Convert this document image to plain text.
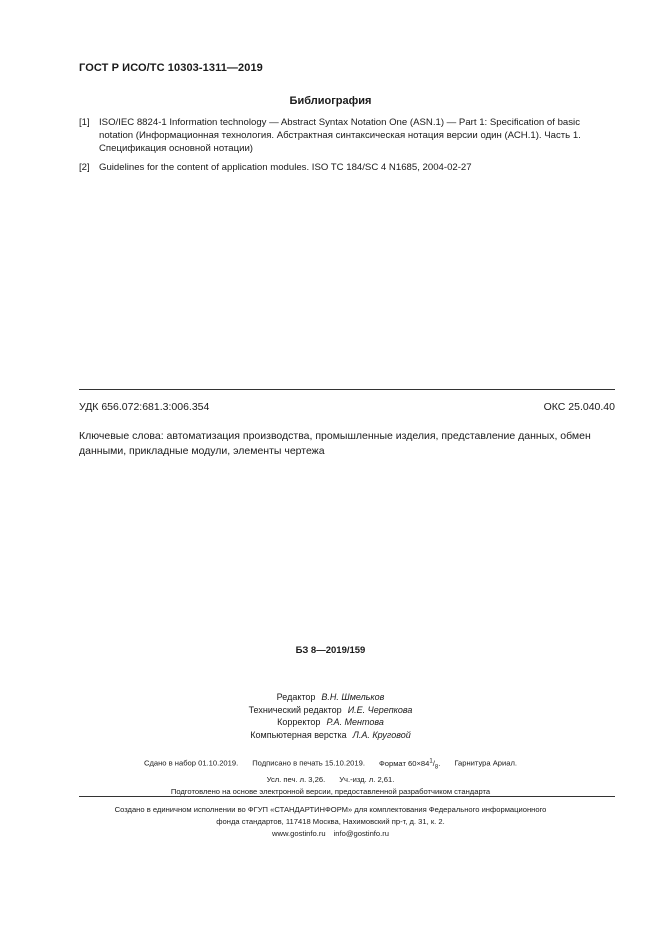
ГОСТ Р ИСО/ТС 10303-1311—2019
Библиография
[1] ISO/IEC 8824-1 Information technology — Abstract Syntax Notation One (ASN.1) — Part 1: Specification of basic notation (Информационная технология. Абстрактная синтаксическая нотация версии один (АСН.1). Часть 1. Спецификация основной нотации)
[2] Guidelines for the content of application modules. ISO TC 184/SC 4 N1685, 2004-02-27
УДК 656.072:681.3:006.354	ОКС 25.040.40
Ключевые слова: автоматизация производства, промышленные изделия, представление данных, обмен данными, прикладные модули, элементы чертежа
БЗ 8—2019/159
Редактор В.Н. Шмельков
Технический редактор И.Е. Черепкова
Корректор Р.А. Ментова
Компьютерная верстка Л.А. Круговой
Сдано в набор 01.10.2019. Подписано в печать 15.10.2019. Формат $60\times 84^1/_8$. Гарнитура Ариал.
Усл. печ. л. 3,26. Уч.-изд. л. 2,61.
Подготовлено на основе электронной версии, предоставленной разработчиком стандарта
Создано в единичном исполнении во ФГУП «СТАНДАРТИНФОРМ» для комплектования Федерального информационного
фонда стандартов, 117418 Москва, Нахимовский пр-т, д. 31, к. 2.
www.gostinfo.ru info@gostinfo.ru
